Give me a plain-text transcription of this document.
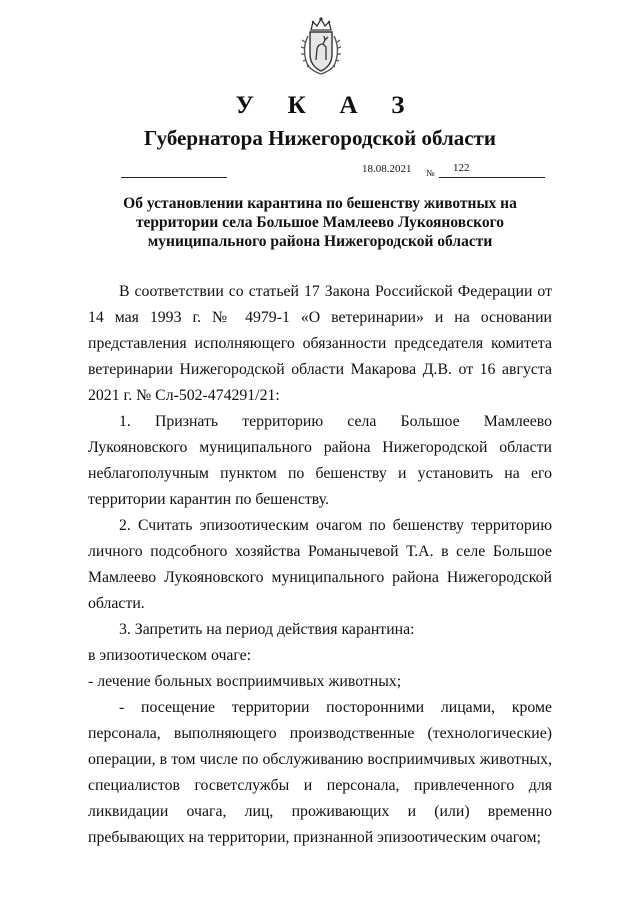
У К А З
Губернатора Нижегородской области
18.08.2021 № 122
Об установлении карантина по бешенству животных на
территории села Большое Мамлеево Лукояновского
муниципального района Нижегородской области

В соответствии со статьей 17 Закона Российской Федерации от 14 мая 1993 г. № 4979-1 «О ветеринарии» и на основании представления исполняющего обязанности председателя комитета ветеринарии Нижегородской области Макарова Д.В. от 16 августа 2021 г. № Сл-502-474291/21:

1. Признать территорию села Большое Мамлеево Лукояновского муниципального района Нижегородской области неблагополучным пунктом по бешенству и установить на его территории карантин по бешенству.

2. Считать эпизоотическим очагом по бешенству территорию личного подсобного хозяйства Романычевой Т.А. в селе Большое Мамлеево Лукояновского муниципального района Нижегородской области.

3. Запретить на период действия карантина:

в эпизоотическом очаге:

- лечение больных восприимчивых животных;

- посещение территории посторонними лицами, кроме персонала, выполняющего производственные (технологические) операции, в том числе по обслуживанию восприимчивых животных, специалистов госветслужбы и персонала, привлеченного для ликвидации очага, лиц, проживающих и (или) временно пребывающих на территории, признанной эпизоотическим очагом;
